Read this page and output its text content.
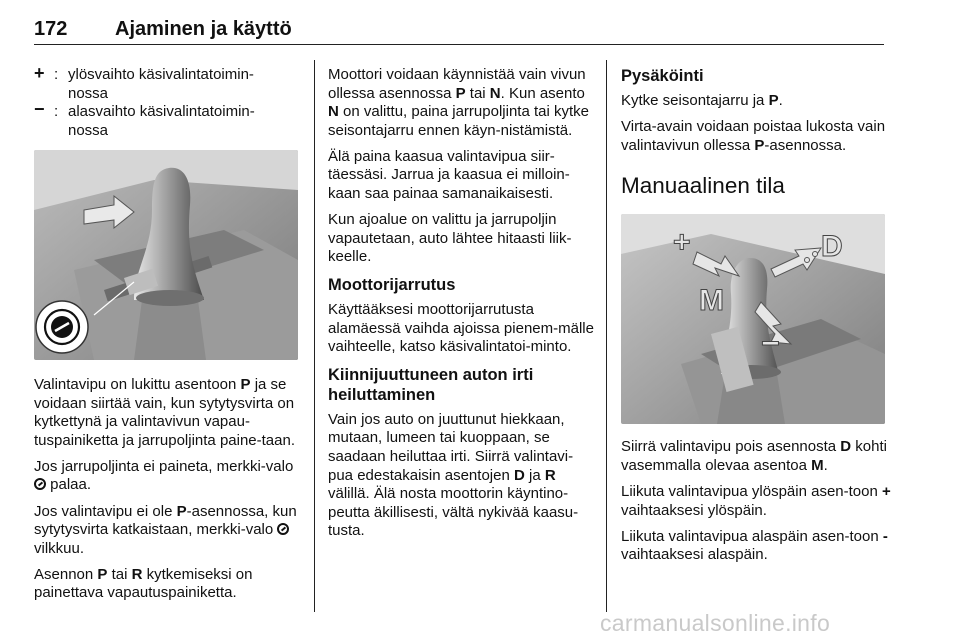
172 Ajaminen ja käyttö
+ : ylösvaihto käsivalintatoimin-
nossa
− : alasvaihto käsivalintatoimin-
nossa

Valintavipu on lukittu asentoon P ja se voidaan siirtää vain, kun sytytysvirta on kytkettynä ja valintavivun vapau-tuspainiketta ja jarrupoljinta paine-taan.

Jos jarrupoljinta ei paineta, merkki-valo  palaa.

Jos valintavipu ei ole P-asennossa, kun sytytysvirta katkaistaan, merkki-valo  vilkkuu.

Asennon P tai R kytkemiseksi on painettava vapautuspainiketta.

Moottori voidaan käynnistää vain vivun ollessa asennossa P tai N. Kun asento N on valittu, paina jarrupoljinta tai kytke seisontajarru ennen käyn-nistämistä.

Älä paina kaasua valintavipua siir-täessäsi. Jarrua ja kaasua ei milloin-kaan saa painaa samanaikaisesti.

Kun ajoalue on valittu ja jarrupoljin vapautetaan, auto lähtee hitaasti liik-keelle.

Moottorijarrutus

Käyttääksesi moottorijarrutusta alamäessä vaihda ajoissa pienem-mälle vaihteelle, katso käsivalintatoi-minto.

Kiinnijuuttuneen auton irti heiluttaminen

Vain jos auto on juuttunut hiekkaan, mutaan, lumeen tai kuoppaan, se saadaan heiluttaa irti. Siirrä valintavi-pua edestakaisin asentojen D ja R välillä. Älä nosta moottorin käyntino-peutta äkillisesti, vältä nykivää kaasu-tusta.

Pysäköinti

Kytke seisontajarru ja P.

Virta-avain voidaan poistaa lukosta vain valintavivun ollessa P-asennossa.

Manuaalinen tila
+	D
M
−

Siirrä valintavipu pois asennosta D kohti vasemmalla olevaa asentoa M.

Liikuta valintavipua ylöspäin asen-toon + vaihtaaksesi ylöspäin.

Liikuta valintavipua alaspäin asen-toon - vaihtaaksesi alaspäin.

carmanualsonline.info
